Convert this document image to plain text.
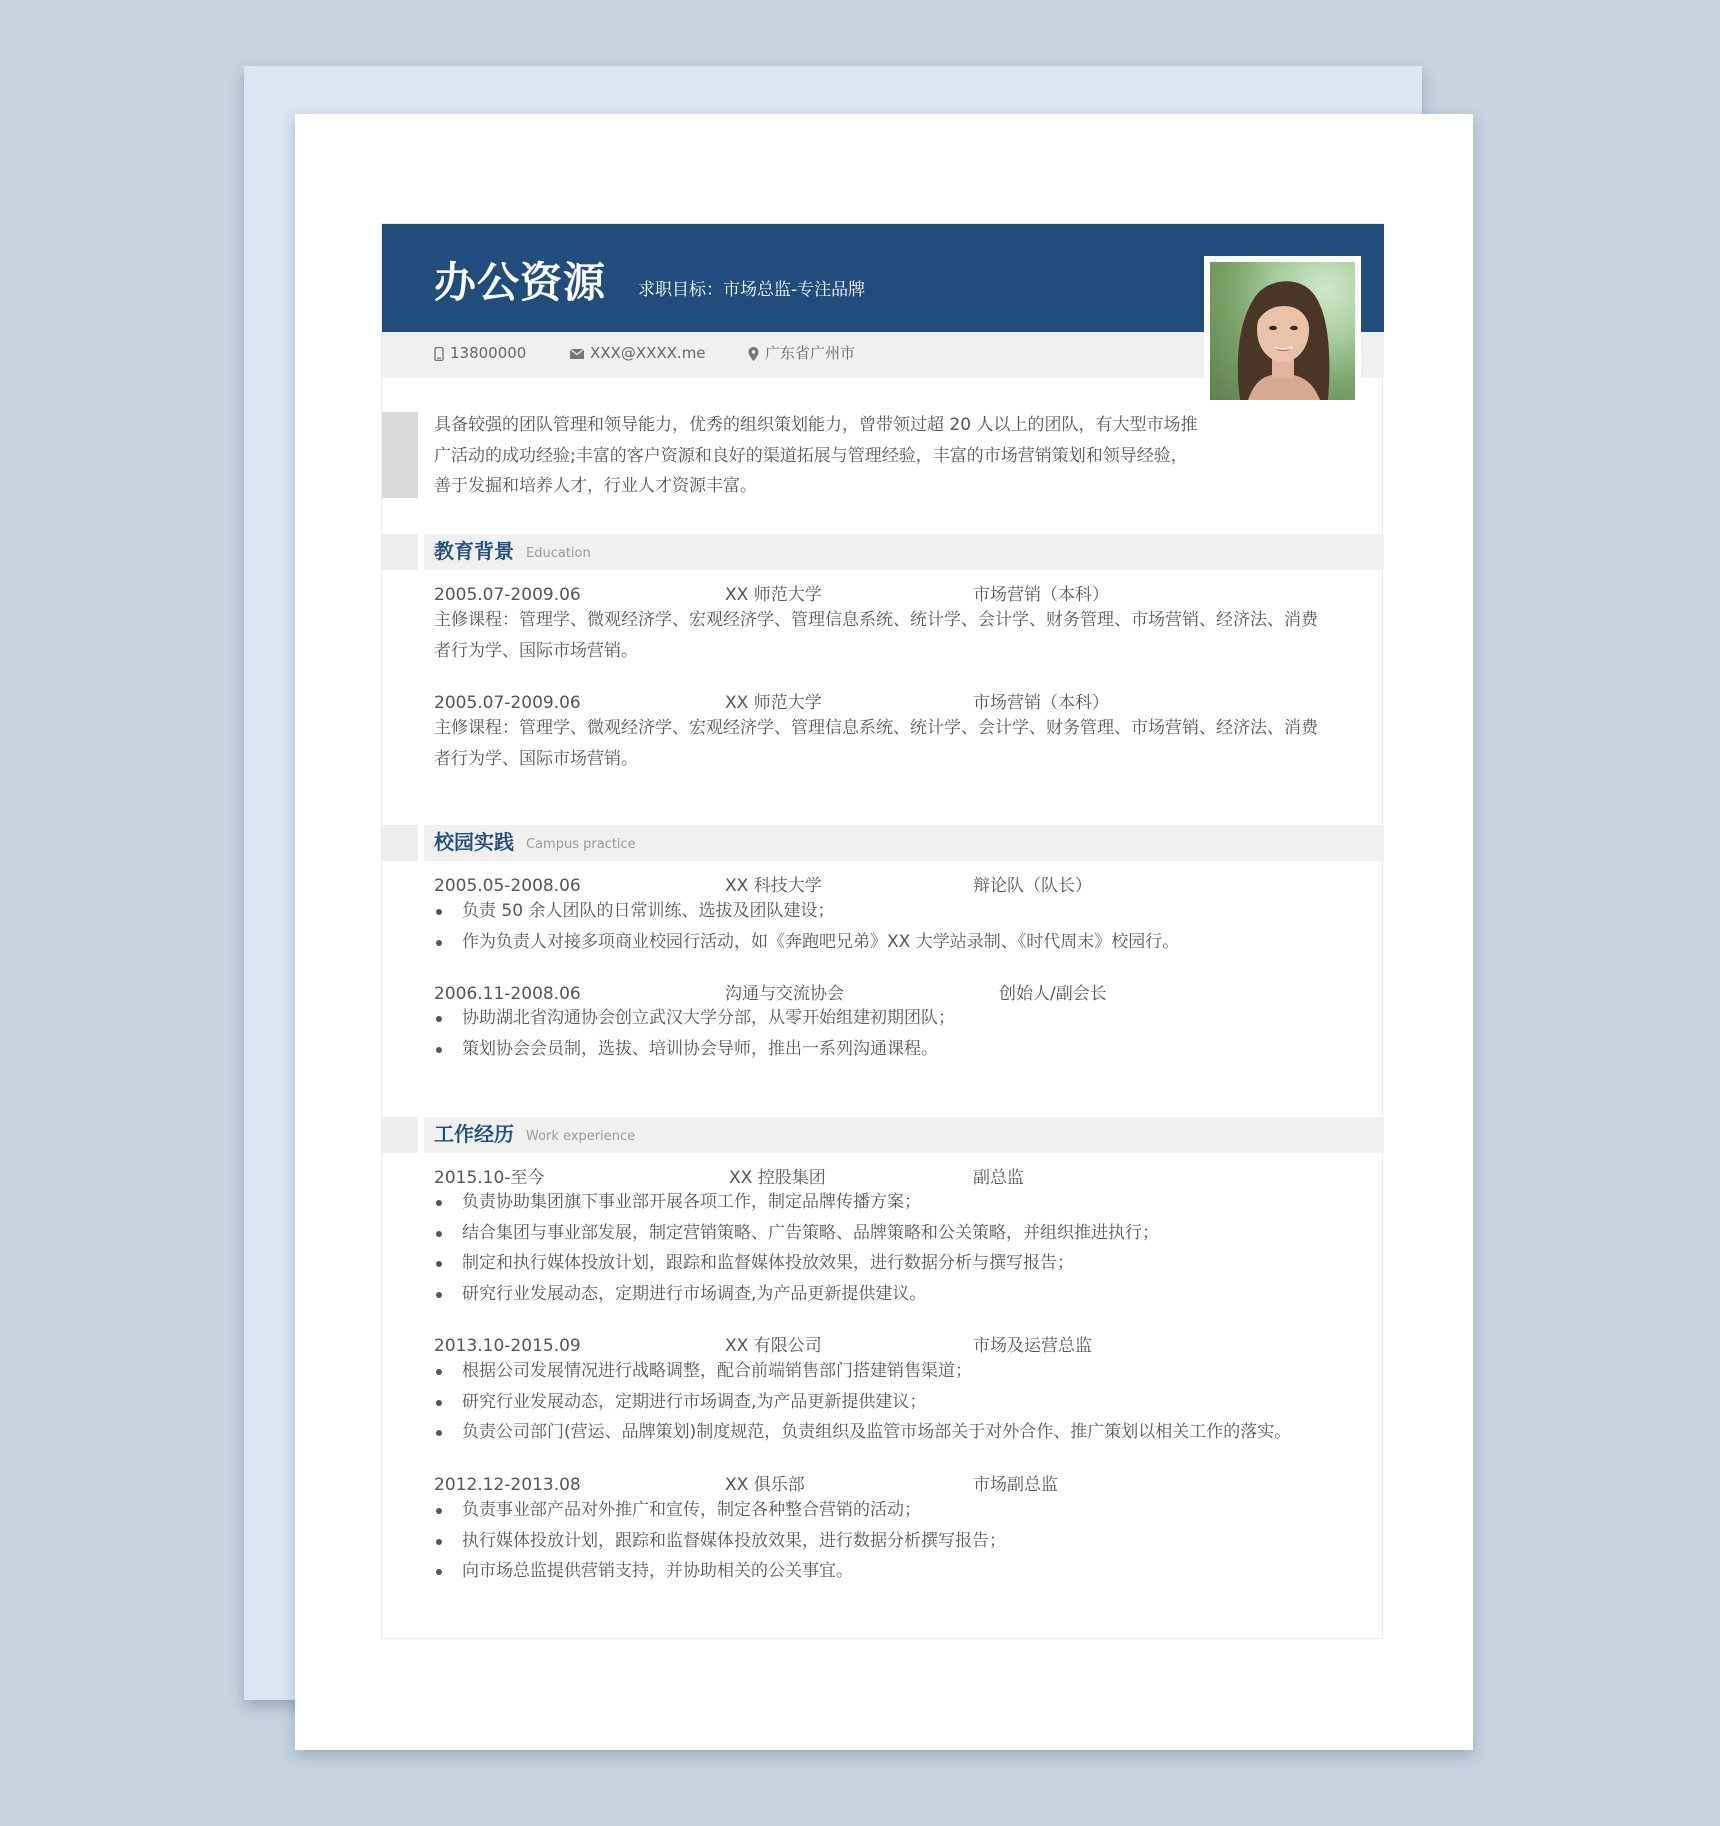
办公资源 求职目标：市场总监-专注品牌
13800000	XXX@XXXX.me	广东省广州市
具备较强的团队管理和领导能力，优秀的组织策划能力，曾带领过超 20 人以上的团队，有大型市场推广活动的成功经验;丰富的客户资源和良好的渠道拓展与管理经验，丰富的市场营销策划和领导经验，善于发掘和培养人才，行业人才资源丰富。
教育背景 Education
2005.07-2009.06	XX 师范大学	市场营销（本科）
主修课程：管理学、微观经济学、宏观经济学、管理信息系统、统计学、会计学、财务管理、市场营销、经济法、消费者行为学、国际市场营销。
2005.07-2009.06	XX 师范大学	市场营销（本科）
主修课程：管理学、微观经济学、宏观经济学、管理信息系统、统计学、会计学、财务管理、市场营销、经济法、消费者行为学、国际市场营销。
校园实践 Campus practice
2005.05-2008.06	XX 科技大学	辩论队（队长）
负责 50 余人团队的日常训练、选拔及团队建设；
作为负责人对接多项商业校园行活动，如《奔跑吧兄弟》XX 大学站录制、《时代周末》校园行。
2006.11-2008.06	沟通与交流协会	创始人/副会长
协助湖北省沟通协会创立武汉大学分部，从零开始组建初期团队；
策划协会会员制，选拔、培训协会导师，推出一系列沟通课程。
工作经历 Work experience
2015.10-至今	XX 控股集团	副总监
负责协助集团旗下事业部开展各项工作，制定品牌传播方案；
结合集团与事业部发展，制定营销策略、广告策略、品牌策略和公关策略，并组织推进执行；
制定和执行媒体投放计划，跟踪和监督媒体投放效果，进行数据分析与撰写报告；
研究行业发展动态，定期进行市场调查,为产品更新提供建议。
2013.10-2015.09	XX 有限公司	市场及运营总监
根据公司发展情况进行战略调整，配合前端销售部门搭建销售渠道；
研究行业发展动态，定期进行市场调查,为产品更新提供建议；
负责公司部门(营运、品牌策划)制度规范，负责组织及监管市场部关于对外合作、推广策划以相关工作的落实。
2012.12-2013.08	XX 俱乐部	市场副总监
负责事业部产品对外推广和宣传，制定各种整合营销的活动；
执行媒体投放计划，跟踪和监督媒体投放效果，进行数据分析撰写报告；
向市场总监提供营销支持，并协助相关的公关事宜。
